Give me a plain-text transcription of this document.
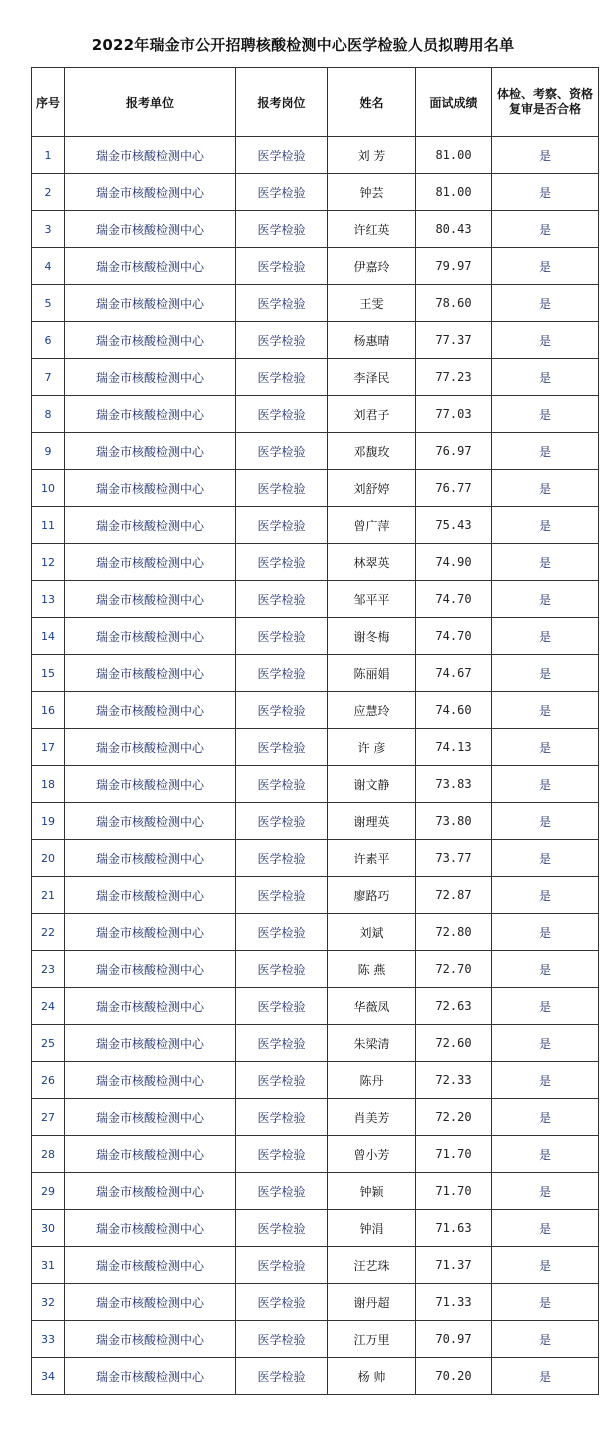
2022年瑞金市公开招聘核酸检测中心医学检验人员拟聘用名单
序号	报考单位	报考岗位	姓名	面试成绩	体检、考察、资格复审是否合格
1	瑞金市核酸检测中心	医学检验	刘 芳	81.00	是
2	瑞金市核酸检测中心	医学检验	钟芸	81.00	是
3	瑞金市核酸检测中心	医学检验	许红英	80.43	是
4	瑞金市核酸检测中心	医学检验	伊嘉玲	79.97	是
5	瑞金市核酸检测中心	医学检验	王雯	78.60	是
6	瑞金市核酸检测中心	医学检验	杨惠晴	77.37	是
7	瑞金市核酸检测中心	医学检验	李泽民	77.23	是
8	瑞金市核酸检测中心	医学检验	刘君子	77.03	是
9	瑞金市核酸检测中心	医学检验	邓馥玫	76.97	是
10	瑞金市核酸检测中心	医学检验	刘舒婷	76.77	是
11	瑞金市核酸检测中心	医学检验	曾广萍	75.43	是
12	瑞金市核酸检测中心	医学检验	林翠英	74.90	是
13	瑞金市核酸检测中心	医学检验	邹平平	74.70	是
14	瑞金市核酸检测中心	医学检验	谢冬梅	74.70	是
15	瑞金市核酸检测中心	医学检验	陈丽娟	74.67	是
16	瑞金市核酸检测中心	医学检验	应慧玲	74.60	是
17	瑞金市核酸检测中心	医学检验	许 彦	74.13	是
18	瑞金市核酸检测中心	医学检验	谢文静	73.83	是
19	瑞金市核酸检测中心	医学检验	谢理英	73.80	是
20	瑞金市核酸检测中心	医学检验	许素平	73.77	是
21	瑞金市核酸检测中心	医学检验	廖路巧	72.87	是
22	瑞金市核酸检测中心	医学检验	刘斌	72.80	是
23	瑞金市核酸检测中心	医学检验	陈 燕	72.70	是
24	瑞金市核酸检测中心	医学检验	华薇凤	72.63	是
25	瑞金市核酸检测中心	医学检验	朱梁清	72.60	是
26	瑞金市核酸检测中心	医学检验	陈丹	72.33	是
27	瑞金市核酸检测中心	医学检验	肖美芳	72.20	是
28	瑞金市核酸检测中心	医学检验	曾小芳	71.70	是
29	瑞金市核酸检测中心	医学检验	钟颖	71.70	是
30	瑞金市核酸检测中心	医学检验	钟涓	71.63	是
31	瑞金市核酸检测中心	医学检验	汪艺珠	71.37	是
32	瑞金市核酸检测中心	医学检验	谢丹超	71.33	是
33	瑞金市核酸检测中心	医学检验	江万里	70.97	是
34	瑞金市核酸检测中心	医学检验	杨 帅	70.20	是
